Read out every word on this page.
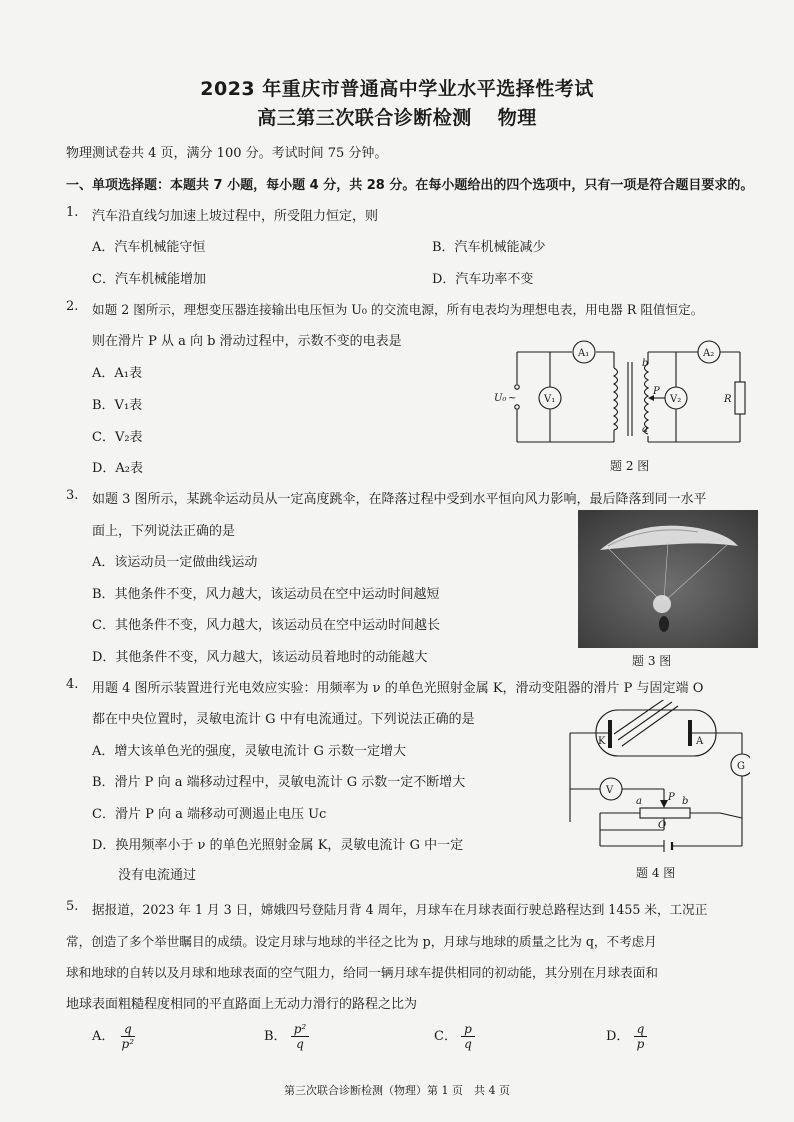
2023 年重庆市普通高中学业水平选择性考试
高三第三次联合诊断检测 物理
物理测试卷共 4 页，满分 100 分。考试时间 75 分钟。
一、单项选择题：本题共 7 小题，每小题 4 分，共 28 分。在每小题给出的四个选项中，只有一项是符合题目要求的。
1. 汽车沿直线匀加速上坡过程中，所受阻力恒定，则
A．汽车机械能守恒	B．汽车机械能减少
C．汽车机械能增加	D．汽车功率不变
2. 如题 2 图所示，理想变压器连接输出电压恒为 U₀ 的交流电源，所有电表均为理想电表，用电器 R 阻值恒定。
则在滑片 P 从 a 向 b 滑动过程中，示数不变的电表是
A．A₁表
B．V₁表
C．V₂表
D．A₂表
A₁	A₂
V₁	V₂
U₀ ~
P
a
b
R
题 2 图
3. 如题 3 图所示，某跳伞运动员从一定高度跳伞，在降落过程中受到水平恒向风力影响，最后降落到同一水平
面上，下列说法正确的是
A．该运动员一定做曲线运动
B．其他条件不变，风力越大，该运动员在空中运动时间越短
C．其他条件不变，风力越大，该运动员在空中运动时间越长
D．其他条件不变，风力越大，该运动员着地时的动能越大	题 3 图
4. 用题 4 图所示装置进行光电效应实验：用频率为 ν 的单色光照射金属 K，滑动变阻器的滑片 P 与固定端 O
都在中央位置时，灵敏电流计 G 中有电流通过。下列说法正确的是
A．增大该单色光的强度，灵敏电流计 G 示数一定增大
B．滑片 P 向 a 端移动过程中，灵敏电流计 G 示数一定不断增大
C．滑片 P 向 a 端移动可测遏止电压 Uc
D．换用频率小于 ν 的单色光照射金属 K，灵敏电流计 G 中一定
没有电流通过
K	A
G
V
a	P b
O
题 4 图
5. 据报道，2023 年 1 月 3 日，嫦娥四号登陆月背 4 周年，月球车在月球表面行驶总路程达到 1455 米，工况正
常，创造了多个举世瞩目的成绩。设定月球与地球的半径之比为 p，月球与地球的质量之比为 q，不考虑月
球和地球的自转以及月球和地球表面的空气阻力，给同一辆月球车提供相同的初动能，其分别在月球表面和
地球表面粗糙程度相同的平直路面上无动力滑行的路程之比为
A． $\frac{q}{\text{p²}}$	B． $\frac{\text{p²}}{q}$	C． $\frac{p}{q}$	D． $\frac{q}{p}$
第三次联合诊断检测（物理）第 1 页　共 4 页
